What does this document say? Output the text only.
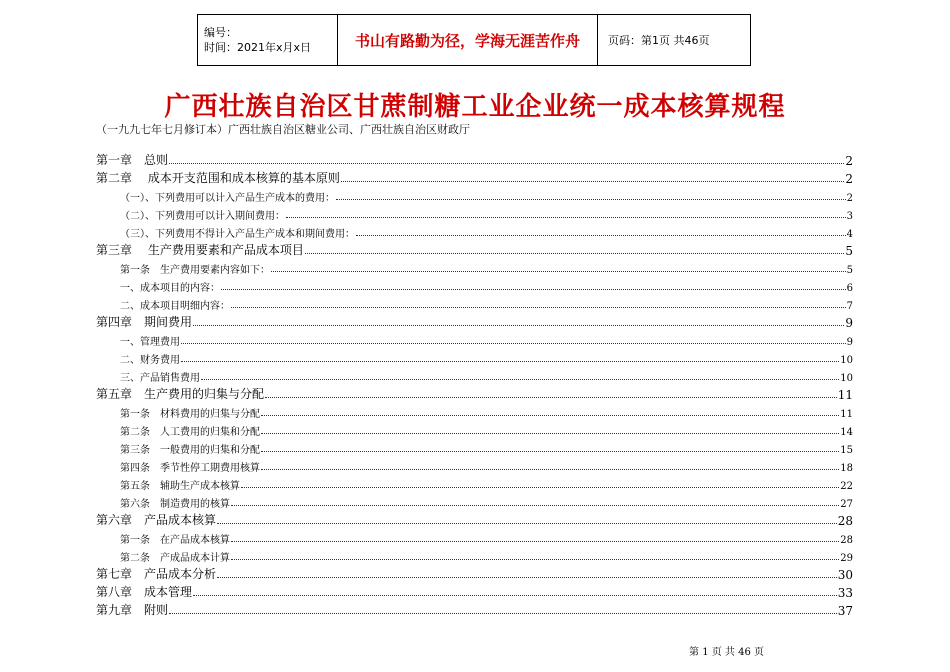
编号：
时间：2021年x月x日	书山有路勤为径，学海无涯苦作舟	页码：第1页 共46页
广西壮族自治区甘蔗制糖工业企业统一成本核算规程
（一九九七年七月修订本）广西壮族自治区糖业公司、广西壮族自治区财政厅
第一章　总则	2
第二章　 成本开支范围和成本核算的基本原则	2
（一）、下列费用可以计入产品生产成本的费用：	2
（二）、下列费用可以计入期间费用：	3
（三）、下列费用不得计入产品生产成本和期间费用：	4
第三章　 生产费用要素和产品成本项目	5
第一条　生产费用要素内容如下：	5
一、成本项目的内容：	6
二、成本项目明细内容：	7
第四章　期间费用	9
一、管理费用	9
二、财务费用	10
三、产品销售费用	10
第五章　生产费用的归集与分配	11
第一条　材料费用的归集与分配	11
第二条　人工费用的归集和分配	14
第三条　一般费用的归集和分配	15
第四条　季节性停工期费用核算	18
第五条　辅助生产成本核算	22
第六条　制造费用的核算	27
第六章　产品成本核算	28
第一条　在产品成本核算	28
第二条　产成品成本计算	29
第七章　产品成本分析	30
第八章　成本管理	33
第九章　附则	37
第 1 页 共 46 页
